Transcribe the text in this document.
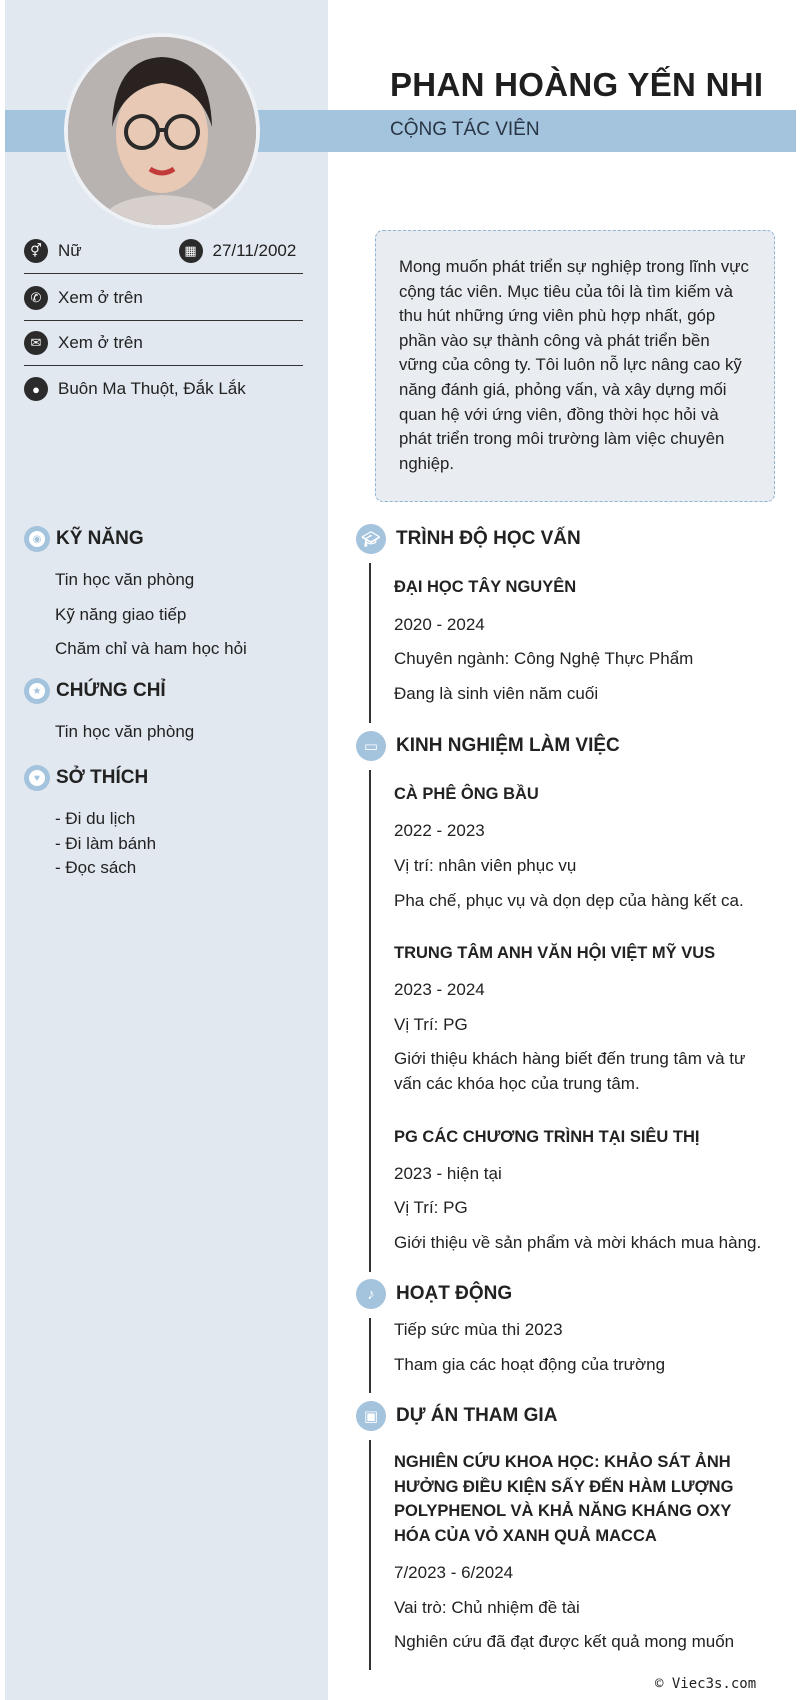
PHAN HOÀNG YẾN NHI
CỘNG TÁC VIÊN
⚥ Nữ	▦ 27/11/2002
✆ Xem ở trên
✉ Xem ở trên
●	Buôn Ma Thuột, Đắk Lắk
Mong muốn phát triển sự nghiệp trong lĩnh vực cộng tác viên. Mục tiêu của tôi là tìm kiếm và thu hút những ứng viên phù hợp nhất, góp phần vào sự thành công và phát triển bền vững của công ty. Tôi luôn nỗ lực nâng cao kỹ năng đánh giá, phỏng vấn, và xây dựng mối quan hệ với ứng viên, đồng thời học hỏi và phát triển trong môi trường làm việc chuyên nghiệp.
◉ KỸ NĂNG
Tin học văn phòng
Kỹ năng giao tiếp
Chăm chỉ và ham học hỏi
★ CHỨNG CHỈ
Tin học văn phòng
♥ SỞ THÍCH
- Đi du lịch
- Đi làm bánh
- Đọc sách
🎓︎ TRÌNH ĐỘ HỌC VẤN
ĐẠI HỌC TÂY NGUYÊN
2020 - 2024
Chuyên ngành: Công Nghệ Thực Phẩm
Đang là sinh viên năm cuối
▭ KINH NGHIỆM LÀM VIỆC
CÀ PHÊ ÔNG BẦU
2022 - 2023
Vị trí: nhân viên phục vụ
Pha chế, phục vụ và dọn dẹp của hàng kết ca.
TRUNG TÂM ANH VĂN HỘI VIỆT MỸ VUS
2023 - 2024
Vị Trí: PG
Giới thiệu khách hàng biết đến trung tâm và tư vấn các khóa học của trung tâm.
PG CÁC CHƯƠNG TRÌNH TẠI SIÊU THỊ
2023 - hiện tại
Vị Trí: PG
Giới thiệu về sản phẩm và mời khách mua hàng.
♪	HOẠT ĐỘNG
Tiếp sức mùa thi 2023
Tham gia các hoạt động của trường
▣ DỰ ÁN THAM GIA
NGHIÊN CỨU KHOA HỌC: KHẢO SÁT ẢNH HƯỞNG ĐIỀU KIỆN SẤY ĐẾN HÀM LƯỢNG POLYPHENOL VÀ KHẢ NĂNG KHÁNG OXY HÓA CỦA VỎ XANH QUẢ MACCA
7/2023 - 6/2024
Vai trò: Chủ nhiệm đề tài
Nghiên cứu đã đạt được kết quả mong muốn
© Viec3s.com
